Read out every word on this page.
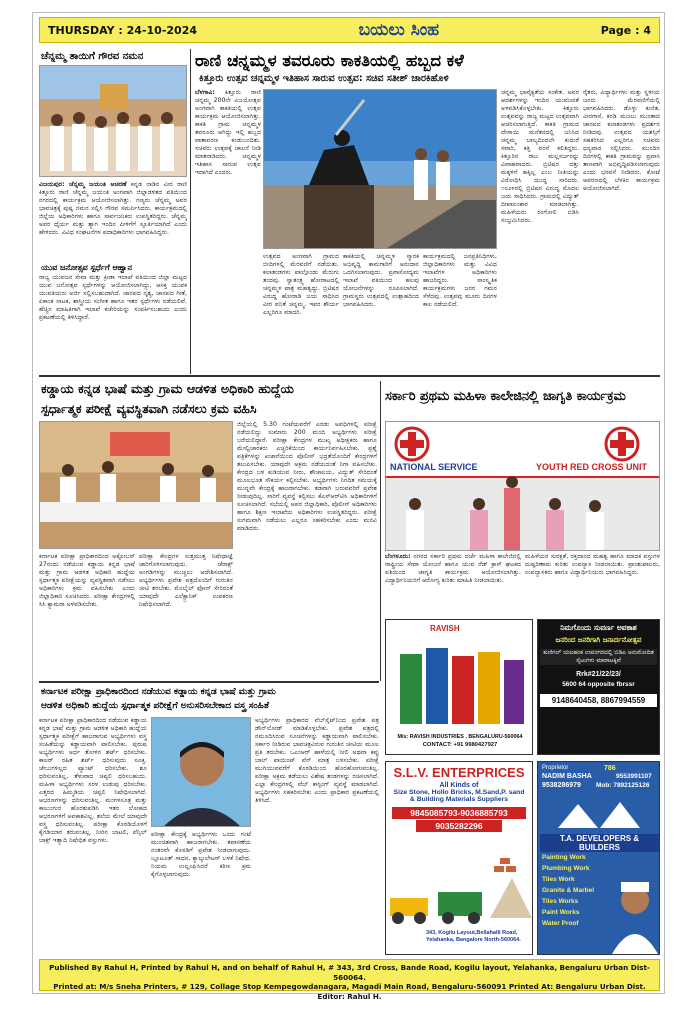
THURSDAY : 24-10-2024	ಬಯಲು ಸಿಂಹ	Page : 4
ಚೆನ್ನಮ್ಮ ತಾಯಿಗೆ ಗೌರವ ನಮನ
ವಿಜಯಪುರ: ಚೆನ್ನಮ್ಮ ಜಯಂತಿ ಆಚರಣೆ ಕನ್ನಡ ನಾಡಿನ ವೀರ ರಾಣಿ ಕಿತ್ತೂರು ರಾಣಿ ಚೆನ್ನಮ್ಮ ಜಯಂತಿ ಅಂಗವಾಗಿ ಜಿಲ್ಲಾಡಳಿತದ ವತಿಯಿಂದ ನಗರದಲ್ಲಿ ಕಾರ್ಯಕ್ರಮ ಆಯೋಜಿಸಲಾಗಿತ್ತು. ಗಣ್ಯರು ಚೆನ್ನಮ್ಮ ಅವರ ಭಾವಚಿತ್ರಕ್ಕೆ ಪುಷ್ಪ ನಮನ ಸಲ್ಲಿಸಿ ಗೌರವ ಸಮರ್ಪಿಸಿದರು. ಕಾರ್ಯಕ್ರಮದಲ್ಲಿ ಜಿಲ್ಲೆಯ ಅಧಿಕಾರಿಗಳು ಹಾಗೂ ಸಾರ್ವಜನಿಕರು ಉಪಸ್ಥಿತರಿದ್ದರು. ಚೆನ್ನಮ್ಮ ಅವರ ಧೈರ್ಯ ಮತ್ತು ತ್ಯಾಗ ಇಂದಿನ ಪೀಳಿಗೆಗೆ ಸ್ಫೂರ್ತಿಯಾಗಿದೆ ಎಂದು ಹೇಳಿದರು. ವಿವಿಧ ಸಂಘಟನೆಗಳ ಪದಾಧಿಕಾರಿಗಳು ಭಾಗವಹಿಸಿದ್ದರು.
ಯುವ ಜನೋತ್ಸವ ಸ್ಪರ್ಧೆಗೆ ಆಹ್ವಾನ
ರಾಜ್ಯ ಯುವಜನ ಸೇವಾ ಮತ್ತು ಕ್ರೀಡಾ ಇಲಾಖೆ ವತಿಯಿಂದ ಜಿಲ್ಲಾ ಮಟ್ಟದ ಯುವ ಜನೋತ್ಸವ ಸ್ಪರ್ಧೆಗಳನ್ನು ಆಯೋಜಿಸಲಾಗಿದ್ದು, ಆಸಕ್ತ ಯುವಕ ಯುವತಿಯರು ಅರ್ಜಿ ಸಲ್ಲಿಸಬಹುದಾಗಿದೆ. ಜಾನಪದ ನೃತ್ಯ, ಜಾನಪದ ಗೀತೆ, ಏಕಾಂಕ ನಾಟಕ, ಶಾಸ್ತ್ರೀಯ ಸಂಗೀತ ಹಾಗೂ ಇತರ ಸ್ಪರ್ಧೆಗಳು ನಡೆಯಲಿವೆ. ಹೆಚ್ಚಿನ ಮಾಹಿತಿಗಾಗಿ ಇಲಾಖೆ ಕಚೇರಿಯನ್ನು ಸಂಪರ್ಕಿಸಬಹುದು ಎಂದು ಪ್ರಕಟಣೆಯಲ್ಲಿ ತಿಳಿಸಿದ್ದಾರೆ.
ರಾಣಿ ಚನ್ನಮ್ಮಳ ತವರೂರು ಕಾಕತಿಯಲ್ಲಿ ಹಬ್ಬದ ಕಳೆ
ಕಿತ್ತೂರು ಉತ್ಸವ ಚನ್ನಮ್ಮಳ ಇತಿಹಾಸ ಸಾರುವ ಉತ್ಸವ: ಸಚಿವ ಸತೀಶ್ ಜಾರಕಿಹೊಳಿ
ಬೆಳಗಾವಿ: ಕಿತ್ತೂರು ರಾಣಿ ಚನ್ನಮ್ಮ 200ನೇ ವಿಜಯೋತ್ಸವ ಅಂಗವಾಗಿ ಕಾಕತಿಯಲ್ಲಿ ಉತ್ಸವ ಕಾರ್ಯಕ್ರಮ ಆಯೋಜಿಸಲಾಗಿತ್ತು. ಕಾಕತಿ ಗ್ರಾಮ ಚನ್ನಮ್ಮಳ ತವರೂರು ಆಗಿದ್ದು ಇಲ್ಲಿ ಹಬ್ಬದ ವಾತಾವರಣ ಕಂಡುಬಂದಿತು. ಸಚಿವರು ಉತ್ಸವಕ್ಕೆ ಚಾಲನೆ ನೀಡಿ ಮಾತನಾಡಿದರು. ಚನ್ನಮ್ಮಳ ಇತಿಹಾಸ ಸಾರುವ ಉತ್ಸವ ಇದಾಗಿದೆ ಎಂದರು.
ಉತ್ಸವದ ಅಂಗವಾಗಿ ಗ್ರಾಮದ ಬೀದಿಗಳಲ್ಲಿ ಮೆರವಣಿಗೆ ನಡೆಯಿತು. ಕಲಾತಂಡಗಳು ಪಾಲ್ಗೊಂಡು ಮೆರುಗು ತಂದವು. ಸ್ವಾತಂತ್ರ್ಯ ಹೋರಾಟದಲ್ಲಿ ಚನ್ನಮ್ಮಳ ಪಾತ್ರ ಮಹತ್ವದ್ದು. ಬ್ರಿಟಿಷರ ವಿರುದ್ಧ ಹೋರಾಡಿ ಜಯ ಸಾಧಿಸಿದ ವೀರ ವನಿತೆ ಚನ್ನಮ್ಮ. ಇವರ ಶೌರ್ಯ ಎಲ್ಲರಿಗೂ ಮಾದರಿ.
ಕಾಕತಿಯಲ್ಲಿ ಚನ್ನಮ್ಮಳ ಸ್ಮಾರಕ ಅಭಿವೃದ್ಧಿ ಕಾಮಗಾರಿಗೆ ಅನುದಾನ ಒದಗಿಸಲಾಗುವುದು. ಪ್ರವಾಸೋದ್ಯಮ ಇಲಾಖೆ ವತಿಯಿಂದ ಹಲವು ಯೋಜನೆಗಳನ್ನು ರೂಪಿಸಲಾಗಿದೆ. ಗ್ರಾಮಸ್ಥರು ಉತ್ಸವದಲ್ಲಿ ಉತ್ಸಾಹದಿಂದ ಭಾಗವಹಿಸಿದರು.
ಕಾರ್ಯಕ್ರಮದಲ್ಲಿ ಜನಪ್ರತಿನಿಧಿಗಳು, ಜಿಲ್ಲಾಧಿಕಾರಿಗಳು ಮತ್ತು ವಿವಿಧ ಇಲಾಖೆಗಳ ಅಧಿಕಾರಿಗಳು ಹಾಜರಿದ್ದರು. ಸಾಂಸ್ಕೃತಿಕ ಕಾರ್ಯಕ್ರಮಗಳು ಜನರ ಗಮನ ಸೆಳೆದವು. ಉತ್ಸವವು ಮೂರು ದಿನಗಳ ಕಾಲ ನಡೆಯಲಿದೆ.
ಚನ್ನಮ್ಮ ಭಾವೈಕ್ಯತೆಯ ಸಂಕೇತ. ಅವರ ಆದರ್ಶಗಳನ್ನು ಇಂದಿನ ಯುವಜನತೆ ಅಳವಡಿಸಿಕೊಳ್ಳಬೇಕು. ಕಿತ್ತೂರು ಉತ್ಸವವನ್ನು ರಾಜ್ಯ ಮಟ್ಟದ ಉತ್ಸವವಾಗಿ ಆಚರಿಸಲಾಗುತ್ತಿದೆ. ಕಾಕತಿ ಗ್ರಾಮದ ದೇಸಾಯಿ ಮನೆತನದಲ್ಲಿ ಜನಿಸಿದ ಚನ್ನಮ್ಮ ಬಾಲ್ಯದಿಂದಲೇ ಕುದುರೆ ಸವಾರಿ, ಕತ್ತಿ ವರಸೆ ಕಲಿತಿದ್ದರು. ಕಿತ್ತೂರಿನ ರಾಜ ಮಲ್ಲಸರ್ಜರನ್ನು ವಿವಾಹವಾದರು. ಬ್ರಿಟಿಷರ ದತ್ತು ಮಕ್ಕಳಿಗೆ ಹಕ್ಕಿಲ್ಲ ಎಂಬ ನೀತಿಯನ್ನು ವಿರೋಧಿಸಿ ಯುದ್ಧ ಸಾರಿದರು. ೧೮೨೪ರಲ್ಲಿ ಬ್ರಿಟಿಷರ ವಿರುದ್ಧ ಮೊದಲ ಜಯ ಸಾಧಿಸಿದರು. ಗ್ರಾಮದಲ್ಲಿ ವಿದ್ಯುತ್ ದೀಪಾಲಂಕಾರ ಮಾಡಲಾಗಿತ್ತು. ಮಹಿಳೆಯರು ರಂಗೋಲಿ ಬಿಡಿಸಿ ಸಂಭ್ರಮಿಸಿದರು.
ರೈತರು, ವಿದ್ಯಾರ್ಥಿಗಳು ಮತ್ತು ಸ್ಥಳೀಯ ಜನರು ಮೆರವಣಿಗೆಯಲ್ಲಿ ಭಾಗವಹಿಸಿದರು. ಡೊಳ್ಳು ಕುಣಿತ, ವೀರಗಾಸೆ, ಕರಡಿ ಮಜಲು ಮುಂತಾದ ಜಾನಪದ ಕಲಾತಂಡಗಳು ಪ್ರದರ್ಶನ ನೀಡಿದವು. ಉತ್ಸವದ ಯಶಸ್ಸಿಗೆ ಸಹಕರಿಸಿದ ಎಲ್ಲರಿಗೂ ಸಚಿವರು ಧನ್ಯವಾದ ಸಲ್ಲಿಸಿದರು. ಮುಂದಿನ ದಿನಗಳಲ್ಲಿ ಕಾಕತಿ ಗ್ರಾಮವನ್ನು ಪ್ರವಾಸಿ ತಾಣವಾಗಿ ಅಭಿವೃದ್ಧಿಪಡಿಸಲಾಗುವುದು ಎಂದು ಭರವಸೆ ನೀಡಿದರು. ಕೋಟೆ ಆವರಣದಲ್ಲಿ ಬೆಳಕಿನ ಕಾರ್ಯಕ್ರಮ ಆಯೋಜಿಸಲಾಗಿದೆ.
ಕಡ್ಡಾಯ ಕನ್ನಡ ಭಾಷೆ ಮತ್ತು ಗ್ರಾಮ ಆಡಳಿತ ಅಧಿಕಾರಿ ಹುದ್ದೆಯ
ಸ್ಪರ್ಧಾತ್ಮಕ ಪರೀಕ್ಷೆ ವ್ಯವಸ್ಥಿತವಾಗಿ ನಡೆಸಲು ಕ್ರಮ ವಹಿಸಿ
ಕರ್ನಾಟಕ ಪರೀಕ್ಷಾ ಪ್ರಾಧಿಕಾರದಿಂದ ಅಕ್ಟೋಬರ್ 27ರಂದು ನಡೆಯುವ ಕಡ್ಡಾಯ ಕನ್ನಡ ಭಾಷೆ ಮತ್ತು ಗ್ರಾಮ ಆಡಳಿತ ಅಧಿಕಾರಿ ಹುದ್ದೆಯ ಸ್ಪರ್ಧಾತ್ಮಕ ಪರೀಕ್ಷೆಯನ್ನು ವ್ಯವಸ್ಥಿತವಾಗಿ ನಡೆಸಲು ಅಧಿಕಾರಿಗಳು ಕ್ರಮ ವಹಿಸಬೇಕು ಎಂದು ಜಿಲ್ಲಾಧಿಕಾರಿ ಸೂಚಿಸಿದರು. ಪರೀಕ್ಷಾ ಕೇಂದ್ರಗಳಲ್ಲಿ ಸಿಸಿ ಕ್ಯಾಮರಾ ಅಳವಡಿಸಬೇಕು.
ಪರೀಕ್ಷಾ ಕೇಂದ್ರಗಳ ಸುತ್ತಮುತ್ತ ನಿಷೇಧಾಜ್ಞೆ ಜಾರಿಗೊಳಿಸಲಾಗುವುದು. ಜೆರಾಕ್ಸ್ ಅಂಗಡಿಗಳನ್ನು ಮುಚ್ಚಲು ಆದೇಶಿಸಲಾಗಿದೆ. ಅಭ್ಯರ್ಥಿಗಳು ಪ್ರವೇಶ ಪತ್ರದೊಂದಿಗೆ ಗುರುತಿನ ಚೀಟಿ ತರಬೇಕು. ಮೊಬೈಲ್ ಫೋನ್ ಸೇರಿದಂತೆ ಯಾವುದೇ ಎಲೆಕ್ಟ್ರಾನಿಕ್ ಉಪಕರಣ ನಿಷೇಧಿಸಲಾಗಿದೆ.
ಜಿಲ್ಲೆಯಲ್ಲಿ 5.30 ಗಂಟೆಯವರೆಗೆ ಎರಡು ಅವಧಿಗಳಲ್ಲಿ ಪರೀಕ್ಷೆ ನಡೆಯಲಿದ್ದು ಸುಮಾರು 200 ಮಂದಿ ಅಭ್ಯರ್ಥಿಗಳು ಪರೀಕ್ಷೆ ಬರೆಯಲಿದ್ದಾರೆ. ಪರೀಕ್ಷಾ ಕೇಂದ್ರಗಳ ಮುಖ್ಯ ಅಧೀಕ್ಷಕರು ಹಾಗೂ ಮೇಲ್ವಿಚಾರಕರು ಎಚ್ಚರಿಕೆಯಿಂದ ಕಾರ್ಯನಿರ್ವಹಿಸಬೇಕು. ಪ್ರಶ್ನೆ ಪತ್ರಿಕೆಗಳನ್ನು ಖಜಾನೆಯಿಂದ ಪೊಲೀಸ್ ಭದ್ರತೆಯೊಂದಿಗೆ ಕೇಂದ್ರಗಳಿಗೆ ತಲುಪಿಸಬೇಕು. ಯಾವುದೇ ಅಕ್ರಮ ನಡೆಯದಂತೆ ನಿಗಾ ವಹಿಸಬೇಕು. ಕೇಂದ್ರದ ಬಳಿ ಕುಡಿಯುವ ನೀರು, ಶೌಚಾಲಯ, ವಿದ್ಯುತ್ ಸೇರಿದಂತೆ ಮೂಲಭೂತ ಸೌಕರ್ಯ ಕಲ್ಪಿಸಬೇಕು. ಅಭ್ಯರ್ಥಿಗಳು ನಿಗದಿತ ಸಮಯಕ್ಕೆ ಮುನ್ನವೇ ಕೇಂದ್ರಕ್ಕೆ ಹಾಜರಾಗಬೇಕು. ತಡವಾಗಿ ಬರುವವರಿಗೆ ಪ್ರವೇಶ ನೀಡುವುದಿಲ್ಲ. ಸಾರಿಗೆ ವ್ಯವಸ್ಥೆ ಕಲ್ಪಿಸಲು ಕೆಎಸ್ಆರ್‌ಟಿಸಿ ಅಧಿಕಾರಿಗಳಿಗೆ ಸೂಚಿಸಲಾಗಿದೆ. ಸಭೆಯಲ್ಲಿ ಅಪರ ಜಿಲ್ಲಾಧಿಕಾರಿ, ಪೊಲೀಸ್ ಅಧಿಕಾರಿಗಳು ಹಾಗೂ ಶಿಕ್ಷಣ ಇಲಾಖೆಯ ಅಧಿಕಾರಿಗಳು ಉಪಸ್ಥಿತರಿದ್ದರು. ಪರೀಕ್ಷೆ ಸುಗಮವಾಗಿ ನಡೆಯಲು ಎಲ್ಲರೂ ಸಹಕರಿಸಬೇಕು ಎಂದು ಮನವಿ ಮಾಡಿದರು.
ಸರ್ಕಾರಿ ಪ್ರಥಮ ಮಹಿಳಾ ಕಾಲೇಜಿನಲ್ಲಿ ಜಾಗೃತಿ ಕಾರ್ಯಕ್ರಮ
NATIONAL SERVICE	YOUTH RED CROSS UNIT
ಬೆಂಗಳೂರು: ನಗರದ ಸರ್ಕಾರಿ ಪ್ರಥಮ ದರ್ಜೆ ಮಹಿಳಾ ಕಾಲೇಜಿನಲ್ಲಿ ರಾಷ್ಟ್ರೀಯ ಸೇವಾ ಯೋಜನೆ ಹಾಗೂ ಯುವ ರೆಡ್ ಕ್ರಾಸ್ ಘಟಕದ ವತಿಯಿಂದ ಜಾಗೃತಿ ಕಾರ್ಯಕ್ರಮ ಆಯೋಜಿಸಲಾಗಿತ್ತು. ವಿದ್ಯಾರ್ಥಿನಿಯರಿಗೆ ಆರೋಗ್ಯ ಕುರಿತು ಮಾಹಿತಿ ನೀಡಲಾಯಿತು.
ಮಹಿಳೆಯರ ಸುರಕ್ಷತೆ, ರಕ್ತದಾನದ ಮಹತ್ವ ಹಾಗೂ ಮಾದಕ ವಸ್ತುಗಳ ದುಷ್ಪರಿಣಾಮ ಕುರಿತು ಉಪನ್ಯಾಸ ನೀಡಲಾಯಿತು. ಪ್ರಾಂಶುಪಾಲರು, ಉಪನ್ಯಾಸಕರು ಹಾಗೂ ವಿದ್ಯಾರ್ಥಿನಿಯರು ಭಾಗವಹಿಸಿದ್ದರು.
RAVISH
M/s: RAVISH INDUSTRIES , BENGALURU-560064
CONTACT: +91 9980427927
ನಿಮಗೊಂದು ಸುವರ್ಣ ಅವಕಾಶ
ಜನರಿಂದ ಜನರಿಗಾಗಿ ಜನಾರ್ದನೋತ್ಸವ
ಕುಣಿಗಲ್ ಯಲಹಂಕ ಉಪನಗರದಲ್ಲಿ ಬಿಡಿಎ ಅನುಮೋದಿತ ಸೈಟುಗಳು ಮಾರಾಟಕ್ಕಿವೆ
Rrk#21/22/23/
5600 64 opposite fbrssr
9148640458, 8867994559
ಕರ್ನಾಟಕ ಪರೀಕ್ಷಾ ಪ್ರಾಧಿಕಾರದಿಂದ ನಡೆಯುವ ಕಡ್ಡಾಯ ಕನ್ನಡ ಭಾಷೆ ಮತ್ತು ಗ್ರಾಮ
ಆಡಳಿತ ಅಧಿಕಾರಿ ಹುದ್ದೆಯ ಸ್ಪರ್ಧಾತ್ಮಕ ಪರೀಕ್ಷೆಗೆ ಅನುಸರಿಸಬೇಕಾದ ವಸ್ತ್ರ ಸಂಹಿತೆ
ಕರ್ನಾಟಕ ಪರೀಕ್ಷಾ ಪ್ರಾಧಿಕಾರದಿಂದ ನಡೆಯುವ ಕಡ್ಡಾಯ ಕನ್ನಡ ಭಾಷೆ ಮತ್ತು ಗ್ರಾಮ ಆಡಳಿತ ಅಧಿಕಾರಿ ಹುದ್ದೆಯ ಸ್ಪರ್ಧಾತ್ಮಕ ಪರೀಕ್ಷೆಗೆ ಹಾಜರಾಗುವ ಅಭ್ಯರ್ಥಿಗಳು ವಸ್ತ್ರ ಸಂಹಿತೆಯನ್ನು ಕಡ್ಡಾಯವಾಗಿ ಪಾಲಿಸಬೇಕು. ಪುರುಷ ಅಭ್ಯರ್ಥಿಗಳು ಅರ್ಧ ತೋಳಿನ ಶರ್ಟ್ ಧರಿಸಬೇಕು. ಕಾಲರ್ ರಹಿತ ಶರ್ಟ್ ಧರಿಸುವುದು ಸೂಕ್ತ. ಜೇಬುಗಳಿಲ್ಲದ ಪ್ಯಾಂಟ್ ಧರಿಸಬೇಕು. ಶೂ ಧರಿಸುವಂತಿಲ್ಲ, ತೆಳುವಾದ ಚಪ್ಪಲಿ ಧರಿಸಬಹುದು. ಮಹಿಳಾ ಅಭ್ಯರ್ಥಿಗಳು ಸರಳ ಉಡುಪು ಧರಿಸಬೇಕು. ಎತ್ತರದ ಹಿಮ್ಮಡಿಯ ಚಪ್ಪಲಿ ನಿಷೇಧಿಸಲಾಗಿದೆ. ಆಭರಣಗಳನ್ನು ಧರಿಸುವಂತಿಲ್ಲ. ಮಂಗಳಸೂತ್ರ ಮತ್ತು ಕಾಲುಂಗುರ ಹೊರತುಪಡಿಸಿ ಇತರ ಲೋಹದ ಆಭರಣಗಳಿಗೆ ಅವಕಾಶವಿಲ್ಲ. ತಲೆಯ ಮೇಲೆ ಯಾವುದೇ ವಸ್ತ್ರ ಧರಿಸುವಂತಿಲ್ಲ. ಪರೀಕ್ಷಾ ಕೊಠಡಿಯೊಳಗೆ ಕೈಗಡಿಯಾರ ತರುವಂತಿಲ್ಲ. ನೀರಿನ ಬಾಟಲಿ, ಪೆನ್ಸಿಲ್ ಬಾಕ್ಸ್ ಇತ್ಯಾದಿ ನಿಷೇಧಿತ ವಸ್ತುಗಳು.
ಪರೀಕ್ಷಾ ಕೇಂದ್ರಕ್ಕೆ ಅಭ್ಯರ್ಥಿಗಳು ಒಂದು ಗಂಟೆ ಮುಂಚಿತವಾಗಿ ಹಾಜರಾಗಬೇಕು. ತಪಾಸಣೆಯ ನಂತರವೇ ಕೊಠಡಿಗೆ ಪ್ರವೇಶ ನೀಡಲಾಗುವುದು. ಬ್ಲೂಟೂತ್ ಸಾಧನ, ಕ್ಯಾಲ್ಕುಲೇಟರ್ ಬಳಕೆ ನಿಷೇಧ. ನಿಯಮ ಉಲ್ಲಂಘಿಸಿದರೆ ಕಠಿಣ ಕ್ರಮ ಕೈಗೊಳ್ಳಲಾಗುವುದು.
ಅಭ್ಯರ್ಥಿಗಳು ಪ್ರಾಧಿಕಾರದ ವೆಬ್‌ಸೈಟ್‌ನಿಂದ ಪ್ರವೇಶ ಪತ್ರ ಡೌನ್‌ಲೋಡ್ ಮಾಡಿಕೊಳ್ಳಬೇಕು. ಪ್ರವೇಶ ಪತ್ರದಲ್ಲಿ ನಮೂದಿಸಿರುವ ಸೂಚನೆಗಳನ್ನು ಕಡ್ಡಾಯವಾಗಿ ಪಾಲಿಸಬೇಕು. ಸರ್ಕಾರ ನೀಡಿರುವ ಭಾವಚಿತ್ರವಿರುವ ಗುರುತಿನ ಚೀಟಿಯ ಮೂಲ ಪ್ರತಿ ತರಬೇಕು. ಒಎಂಆರ್ ಹಾಳೆಯಲ್ಲಿ ನೀಲಿ ಅಥವಾ ಕಪ್ಪು ಬಾಲ್ ಪಾಯಿಂಟ್ ಪೆನ್ ಮಾತ್ರ ಬಳಸಬೇಕು. ಪರೀಕ್ಷೆ ಮುಗಿಯುವವರೆಗೆ ಕೊಠಡಿಯಿಂದ ಹೊರಹೋಗುವಂತಿಲ್ಲ. ಪರೀಕ್ಷಾ ಅಕ್ರಮ ತಡೆಯಲು ವಿಶೇಷ ತಂಡಗಳನ್ನು ರಚಿಸಲಾಗಿದೆ. ಎಲ್ಲಾ ಕೇಂದ್ರಗಳಲ್ಲಿ ವೆಬ್ ಕಾಸ್ಟಿಂಗ್ ವ್ಯವಸ್ಥೆ ಮಾಡಲಾಗಿದೆ. ಅಭ್ಯರ್ಥಿಗಳು ಸಹಕರಿಸಬೇಕು ಎಂದು ಪ್ರಾಧಿಕಾರ ಪ್ರಕಟಣೆಯಲ್ಲಿ ತಿಳಿಸಿದೆ.
S.L.V. ENTERPRICES
All Kinds of
Size Stone, Hollo Bricks, M.Sand,P. sand
& Building Materials Suppliers
9845085793-9036885793
9035282296
343, Kogilu Layout,Bellahalli Road, Yelahanka, Bangalore North-560064.
Proprietor
NADIM BASHA
9538286979
786
9553991107
Mob: 7892125126
T.A. DEVELOPERS & BUILDERS
Painting Work
Plumbing Work
Tiles Work
Granite & Marbel
Tiles Works
Paint Works
Water Proof
Published By Rahul H, Printed by Rahul H, and on behalf of Rahul H, # 343, 3rd Cross, Bande Road, Kogilu layout, Yelahanka, Bengaluru Urban Dist-560064.
Printed at: M/s Sneha Printers, # 129, Collage Stop Kempegowdanagara, Magadi Main Road, Bengaluru-560091 Printed At: Bengaluru Urban Dist. Editor: Rahul H.
